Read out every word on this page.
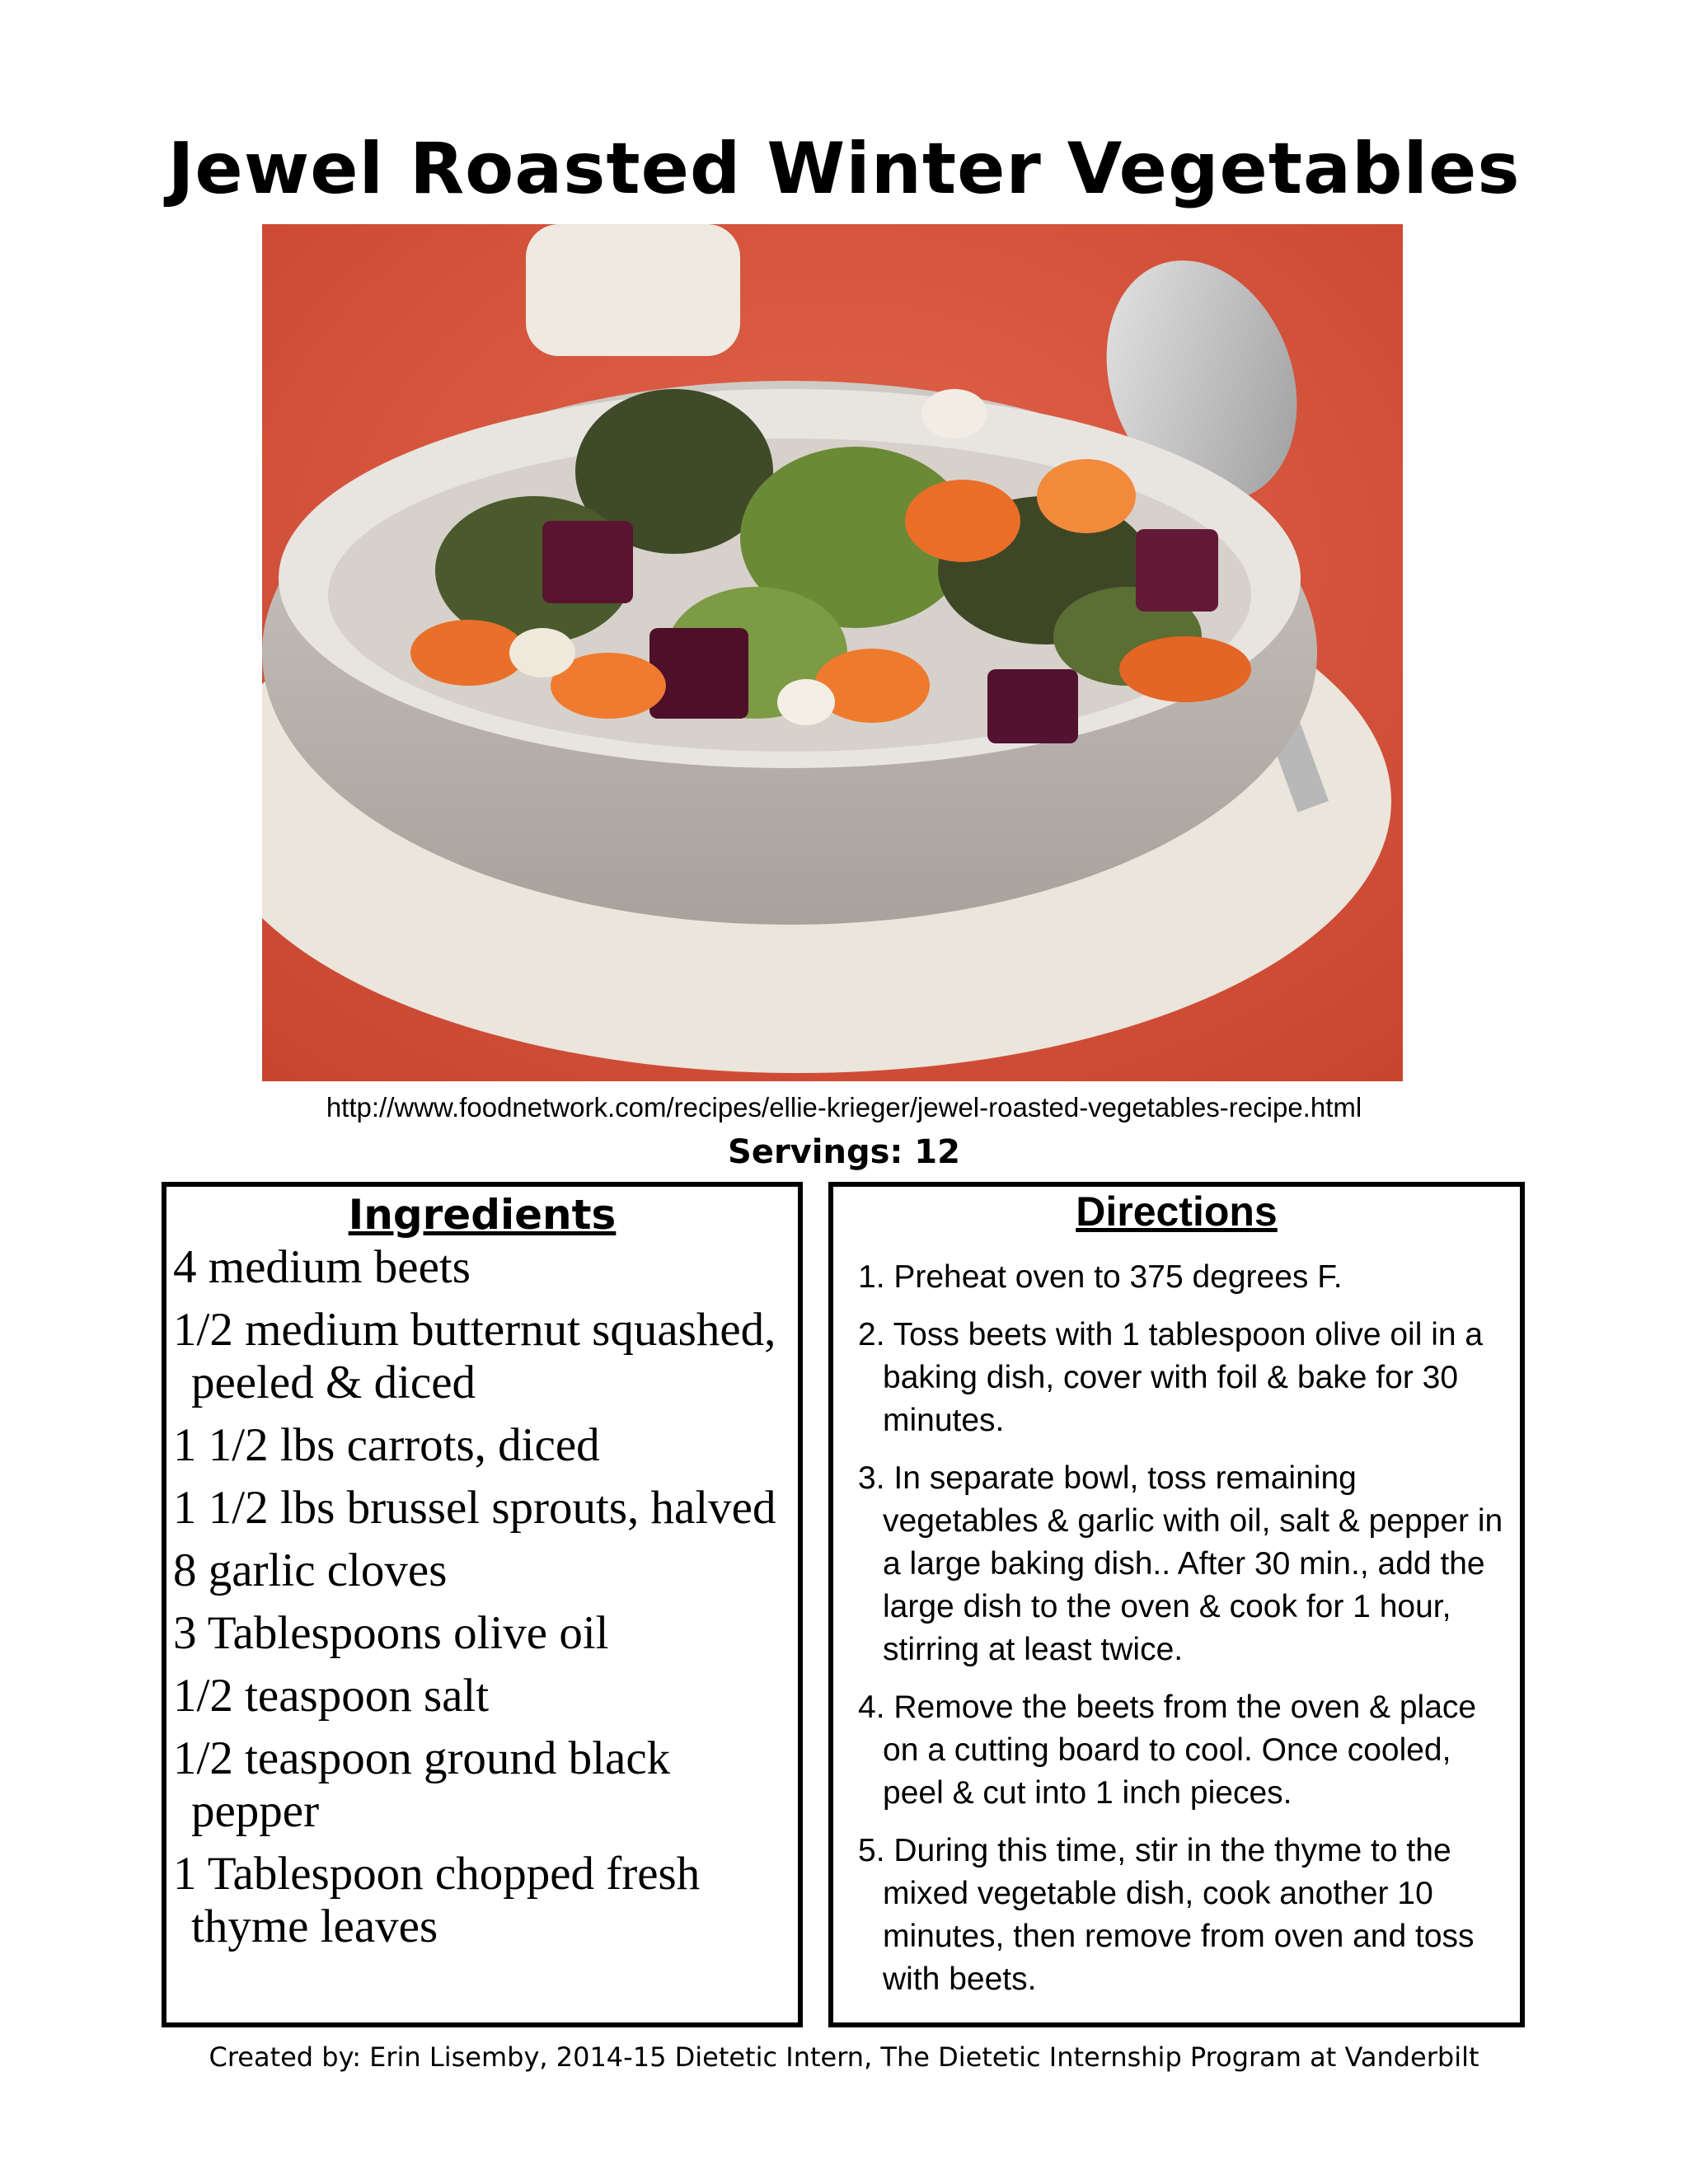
Jewel Roasted Winter Vegetables
http://www.foodnetwork.com/recipes/ellie-krieger/jewel-roasted-vegetables-recipe.html
Servings: 12
Ingredients
4 medium beets
1/2 medium butternut squashed, peeled & diced
1 1/2 lbs carrots, diced
1 1/2 lbs brussel sprouts, halved
8 garlic cloves
3 Tablespoons olive oil
1/2 teaspoon salt
1/2 teaspoon ground black pepper
1 Tablespoon chopped fresh thyme leaves
Directions
1. Preheat oven to 375 degrees F.
2. Toss beets with 1 tablespoon olive oil in a baking dish, cover with foil & bake for 30 minutes.
3. In separate bowl, toss remaining vegetables & garlic with oil, salt & pepper in a large baking dish.. After 30 min., add the large dish to the oven & cook for 1 hour, stirring at least twice.
4. Remove the beets from the oven & place on a cutting board to cool. Once cooled, peel & cut into 1 inch pieces.
5. During this time, stir in the thyme to the mixed vegetable dish, cook another 10 minutes, then remove from oven and toss with beets.
Created by: Erin Lisemby, 2014-15 Dietetic Intern, The Dietetic Internship Program at Vanderbilt
